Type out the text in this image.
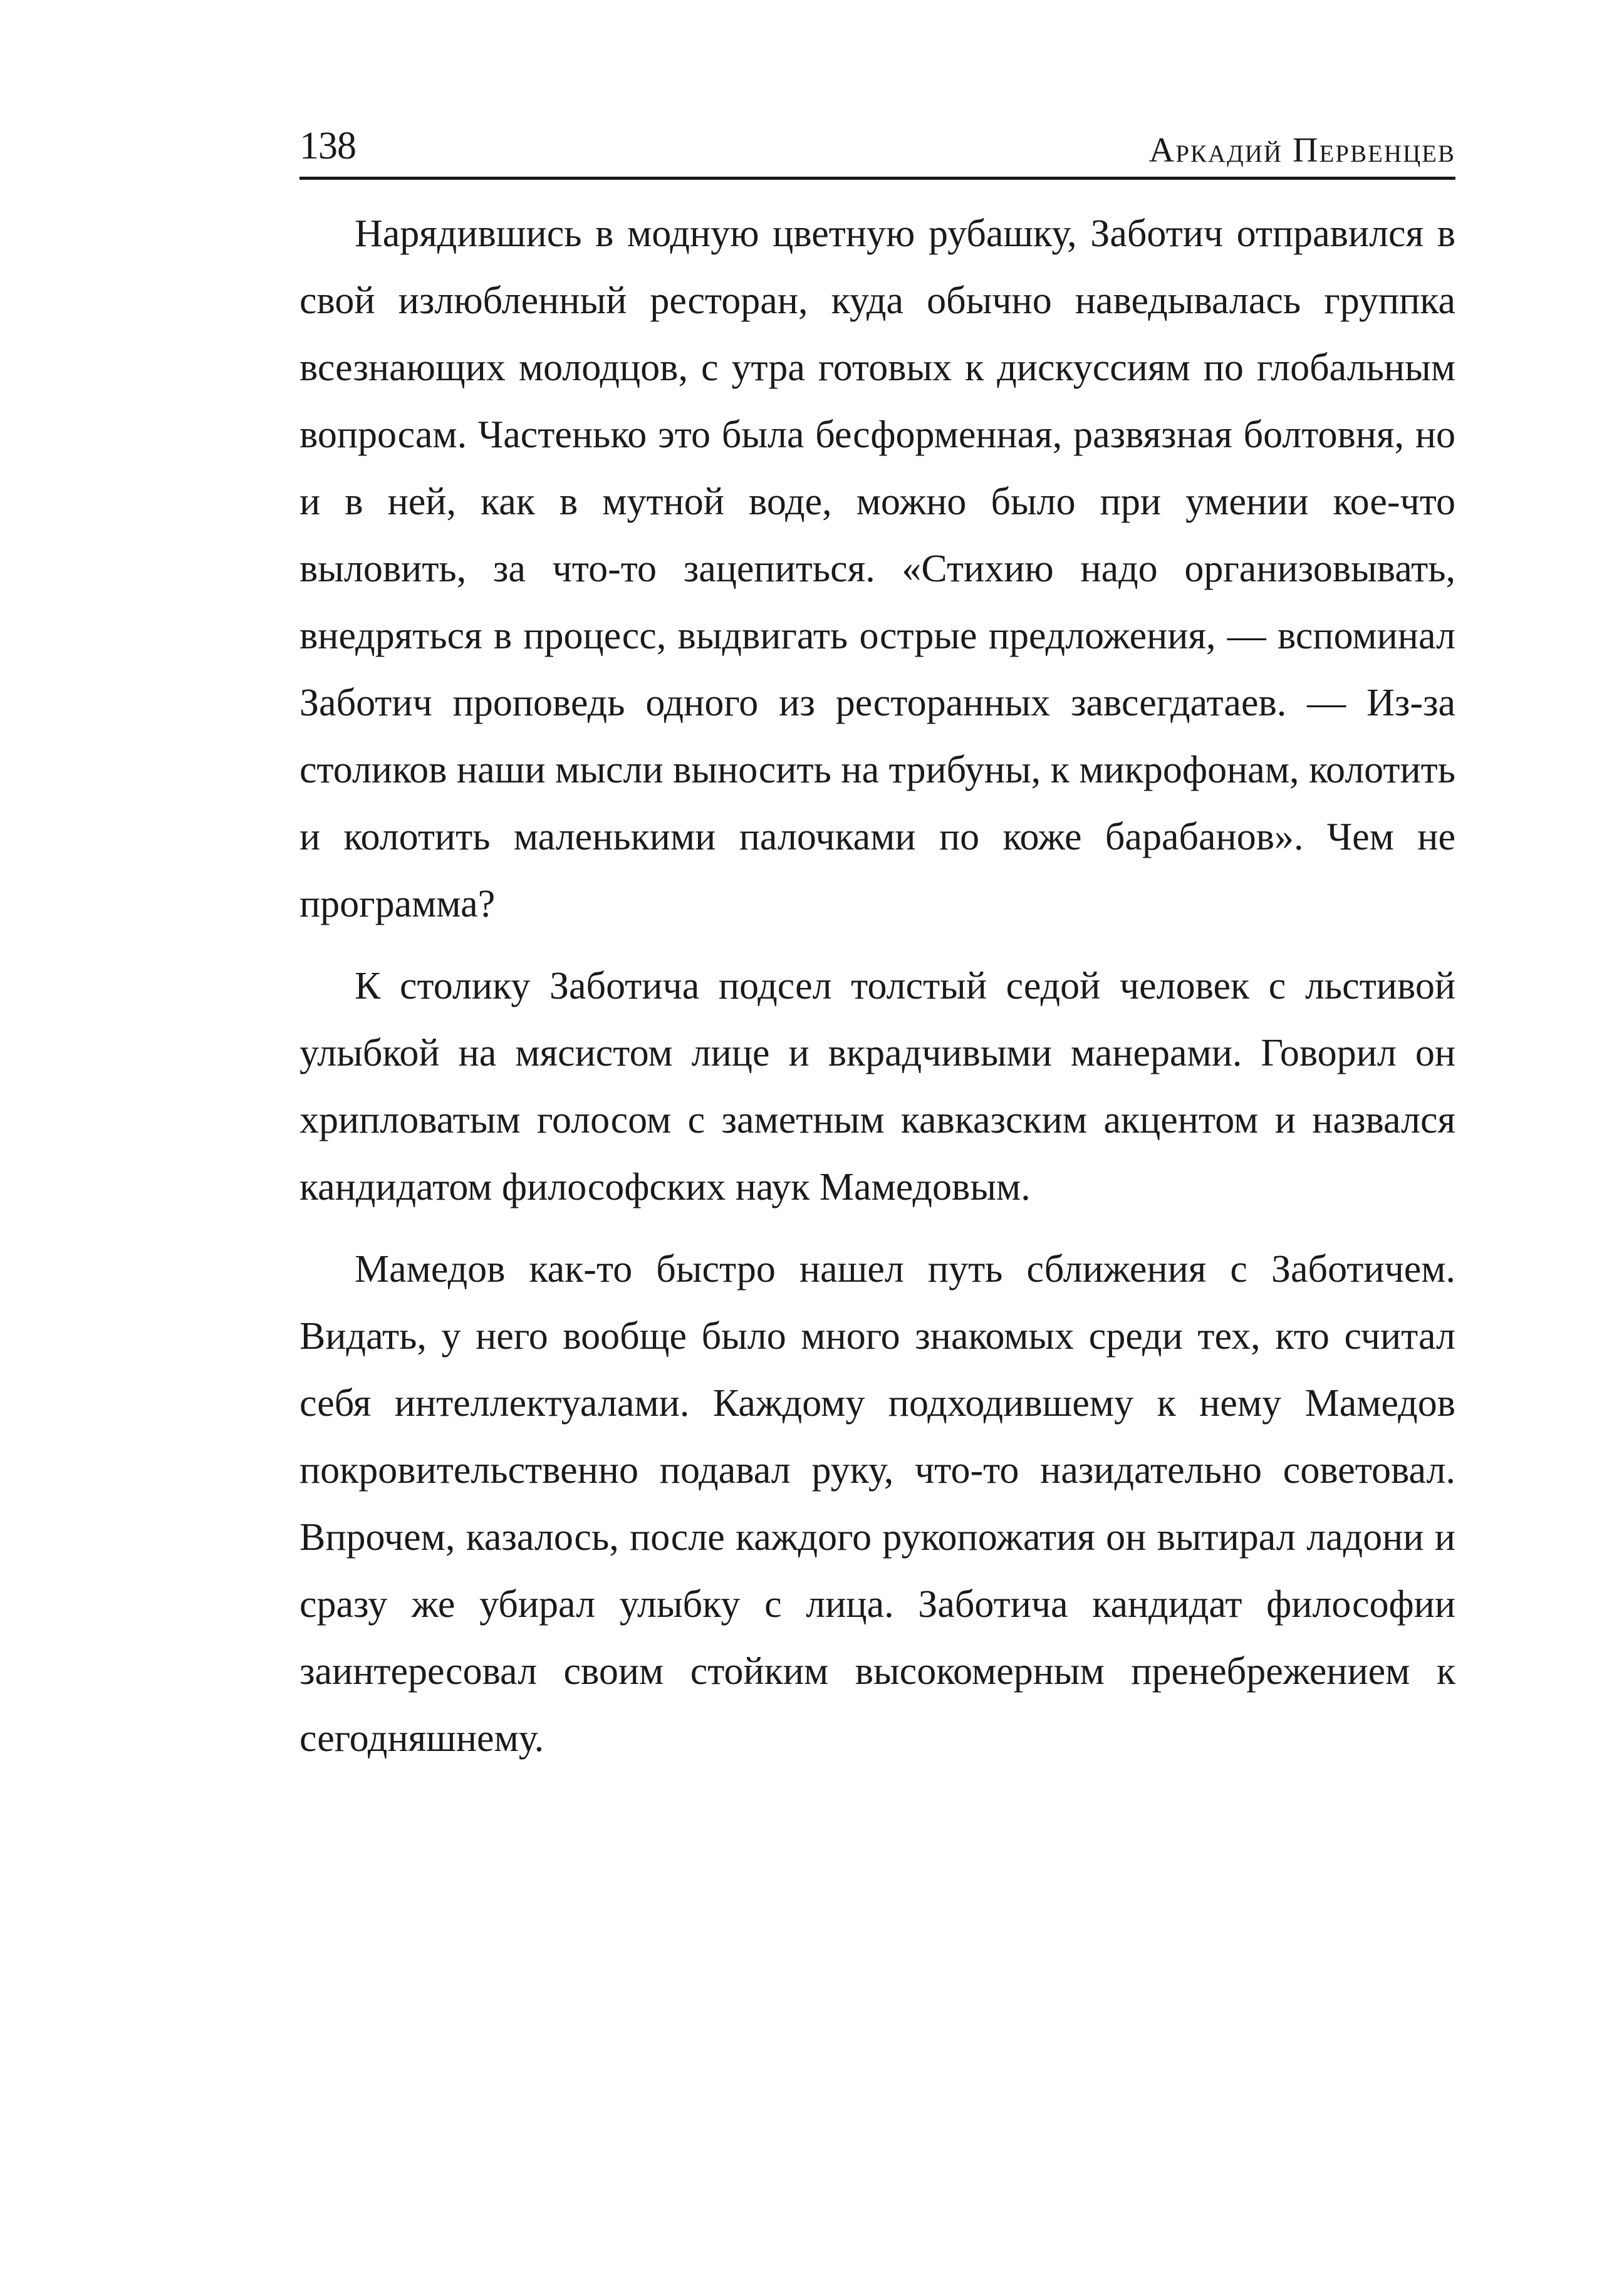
138	Аркадий Первенцев

Нарядившись в модную цветную рубашку, Заботич отправился в свой излюбленный ресторан, куда обычно наведывалась группка всезнающих молодцов, с утра готовых к дискуссиям по глобальным вопросам. Частенько это была бесформенная, развязная болтовня, но и в ней, как в мутной воде, можно было при умении кое-что выловить, за что-то зацепиться. «Стихию надо организовывать, внедряться в процесс, выдвигать острые предложения, — вспоминал Заботич проповедь одного из ресторанных завсегдатаев. — Из-за столиков наши мысли выносить на трибуны, к микрофонам, колотить и колотить маленькими палочками по коже барабанов». Чем не программа?

К столику Заботича подсел толстый седой человек с льстивой улыбкой на мясистом лице и вкрадчивыми манерами. Говорил он хрипловатым голосом с заметным кавказским акцентом и назвался кандидатом философских наук Мамедовым.

Мамедов как-то быстро нашел путь сближения с Заботичем. Видать, у него вообще было много знакомых среди тех, кто считал себя интеллектуалами. Каждому подходившему к нему Мамедов покровительственно подавал руку, что-то назидательно советовал. Впрочем, казалось, после каждого рукопожатия он вытирал ладони и сразу же убирал улыбку с лица. Заботича кандидат философии заинтересовал своим стойким высокомерным пренебрежением к сегодняшнему.
